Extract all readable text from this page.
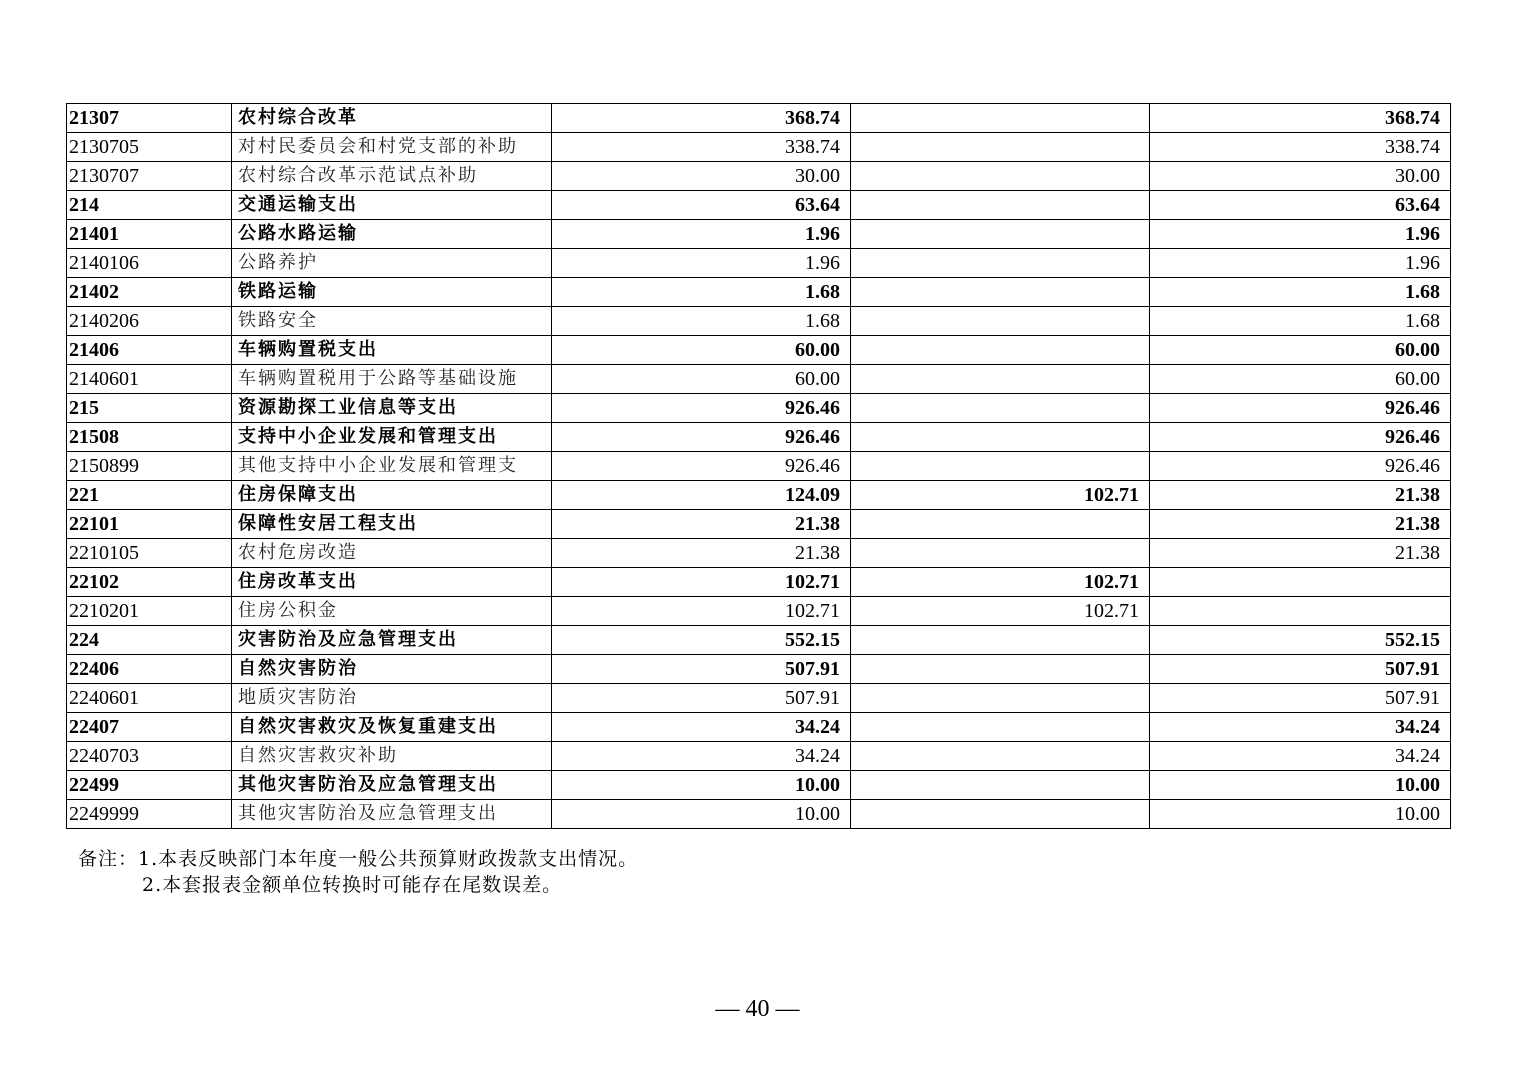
21307	农村综合改革	368.74		368.74
2130705	对村民委员会和村党支部的补助	338.74		338.74
2130707	农村综合改革示范试点补助	30.00		30.00
214	交通运输支出	63.64		63.64
21401	公路水路运输	1.96		1.96
2140106	公路养护	1.96		1.96
21402	铁路运输	1.68		1.68
2140206	铁路安全	1.68		1.68
21406	车辆购置税支出	60.00		60.00
2140601	车辆购置税用于公路等基础设施	60.00		60.00
215	资源勘探工业信息等支出	926.46		926.46
21508	支持中小企业发展和管理支出	926.46		926.46
2150899	其他支持中小企业发展和管理支	926.46		926.46
221	住房保障支出	124.09	102.71	21.38
22101	保障性安居工程支出	21.38		21.38
2210105	农村危房改造	21.38		21.38
22102	住房改革支出	102.71	102.71	
2210201	住房公积金	102.71	102.71	
224	灾害防治及应急管理支出	552.15		552.15
22406	自然灾害防治	507.91		507.91
2240601	地质灾害防治	507.91		507.91
22407	自然灾害救灾及恢复重建支出	34.24		34.24
2240703	自然灾害救灾补助	34.24		34.24
22499	其他灾害防治及应急管理支出	10.00		10.00
2249999	其他灾害防治及应急管理支出	10.00		10.00
备注：1.本表反映部门本年度一般公共预算财政拨款支出情况。
2.本套报表金额单位转换时可能存在尾数误差。
— 40 —
